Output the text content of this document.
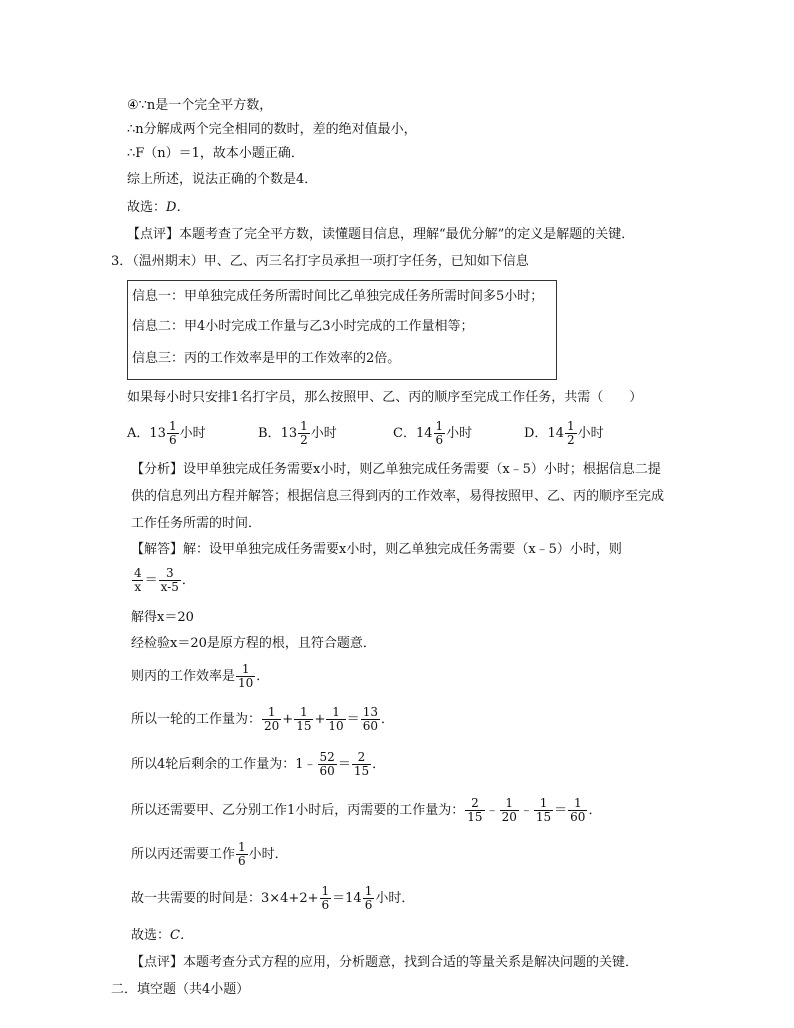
④∵n是一个完全平方数，
∴n分解成两个完全相同的数时，差的绝对值最小，
∴F（n）＝1，故本小题正确．
综上所述，说法正确的个数是4．
故选：D．
【点评】本题考查了完全平方数，读懂题目信息，理解“最优分解”的定义是解题的关键．
3．（温州期末）甲、乙、丙三名打字员承担一项打字任务，已知如下信息
信息一：甲单独完成任务所需时间比乙单独完成任务所需时间多5小时；
信息二：甲4小时完成工作量与乙3小时完成的工作量相等；
信息三：丙的工作效率是甲的工作效率的2倍。
如果每小时只安排1名打字员，那么按照甲、乙、丙的顺序至完成工作任务，共需（　　）
A． $13 \frac{1}{6}$ 小时	B． $13 \frac{1}{2}$ 小时	C． $14 \frac{1}{6}$ 小时	D． $14 \frac{1}{2}$ 小时
【分析】设甲单独完成任务需要x小时，则乙单独完成任务需要（x﹣5）小时；根据信息二提
供的信息列出方程并解答；根据信息三得到丙的工作效率，易得按照甲、乙、丙的顺序至完成
工作任务所需的时间．
【解答】解：设甲单独完成任务需要x小时，则乙单独完成任务需要（x﹣5）小时，则
$\frac{4}{x} = \frac{3}{x-5}$ ．
解得x＝20
经检验x＝20是原方程的根，且符合题意．
则丙的工作效率是 $\frac{1}{10}$ ．
所以一轮的工作量为： $\frac{1}{20} + \frac{1}{15} + \frac{1}{10} = \frac{13}{60}$ ．
所以4轮后剩余的工作量为：1﹣ $\frac{52}{60} = \frac{2}{15}$ ．
所以还需要甲、乙分别工作1小时后，丙需要的工作量为： $\frac{2}{15}$ ﹣ $\frac{1}{20}$ ﹣ $\frac{1}{15} = \frac{1}{60}$ ．
所以丙还需要工作 $\frac{1}{6}$ 小时．
故一共需要的时间是：$3\times 4+2+ \frac{1}{6} =14 \frac{1}{6}$ 小时．
故选：C．
【点评】本题考查分式方程的应用，分析题意，找到合适的等量关系是解决问题的关键．
二．填空题（共4小题）
